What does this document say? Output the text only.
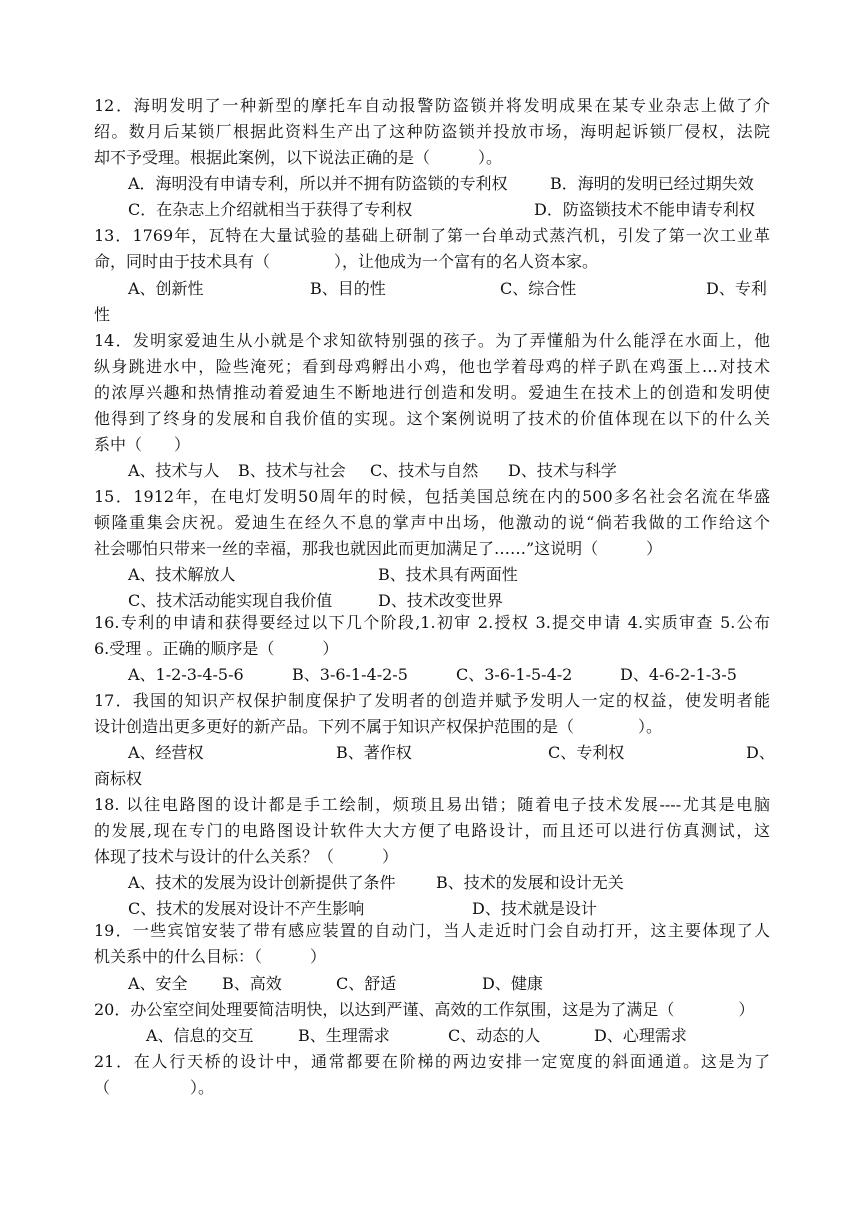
12．海明发明了一种新型的摩托车自动报警防盗锁并将发明成果在某专业杂志上做了介
绍。数月后某锁厂根据此资料生产出了这种防盗锁并投放市场，海明起诉锁厂侵权，法院
却不予受理。根据此案例，以下说法正确的是（　　　）。
A．海明没有申请专利，所以并不拥有防盗锁的专利权	B．海明的发明已经过期失效
C．在杂志上介绍就相当于获得了专利权	D．防盗锁技术不能申请专利权
13．1769年，瓦特在大量试验的基础上研制了第一台单动式蒸汽机，引发了第一次工业革
命，同时由于技术具有（　　　　），让他成为一个富有的名人资本家。
A、创新性	B、目的性	C、综合性	D、专利
性
14．发明家爱迪生从小就是个求知欲特别强的孩子。为了弄懂船为什么能浮在水面上，他
纵身跳进水中，险些淹死；看到母鸡孵出小鸡，他也学着母鸡的样子趴在鸡蛋上…对技术
的浓厚兴趣和热情推动着爱迪生不断地进行创造和发明。爱迪生在技术上的创造和发明使
他得到了终身的发展和自我价值的实现。这个案例说明了技术的价值体现在以下的什么关
系中（　　）
A、技术与人 B、技术与社会 C、技术与自然 D、技术与科学
15．1912年，在电灯发明50周年的时候，包括美国总统在内的500多名社会名流在华盛
顿隆重集会庆祝。爱迪生在经久不息的掌声中出场，他激动的说“倘若我做的工作给这个
社会哪怕只带来一丝的幸福，那我也就因此而更加满足了……”这说明（　　　）
A、技术解放人	B、技术具有两面性
C、技术活动能实现自我价值	D、技术改变世界
16.专利的申请和获得要经过以下几个阶段,1.初审 2.授权 3.提交申请 4.实质审查 5.公布
6.受理 。正确的顺序是（　　　）
A、1-2-3-4-5-6	B、3-6-1-4-2-5	C、3-6-1-5-4-2	D、4-6-2-1-3-5
17．我国的知识产权保护制度保护了发明者的创造并赋予发明人一定的权益，使发明者能
设计创造出更多更好的新产品。下列不属于知识产权保护范围的是（　　　　）。
A、经营权	B、著作权	C、专利权	D、
商标权
18. 以往电路图的设计都是手工绘制，烦琐且易出错；随着电子技术发展----尤其是电脑
的发展,现在专门的电路图设计软件大大方便了电路设计，而且还可以进行仿真测试，这
体现了技术与设计的什么关系？（　　　）
A、技术的发展为设计创新提供了条件	B、技术的发展和设计无关
C、技术的发展对设计不产生影响	D、技术就是设计
19．一些宾馆安装了带有感应装置的自动门，当人走近时门会自动打开，这主要体现了人
机关系中的什么目标：（　　　）
A、安全 B、高效	C、舒适	D、健康
20．办公室空间处理要简洁明快，以达到严谨、高效的工作氛围，这是为了满足（　　　　）
A、信息的交互	B、生理需求	C、动态的人	D、心理需求
21．在人行天桥的设计中，通常都要在阶梯的两边安排一定宽度的斜面通道。这是为了
（　　　　　）。
